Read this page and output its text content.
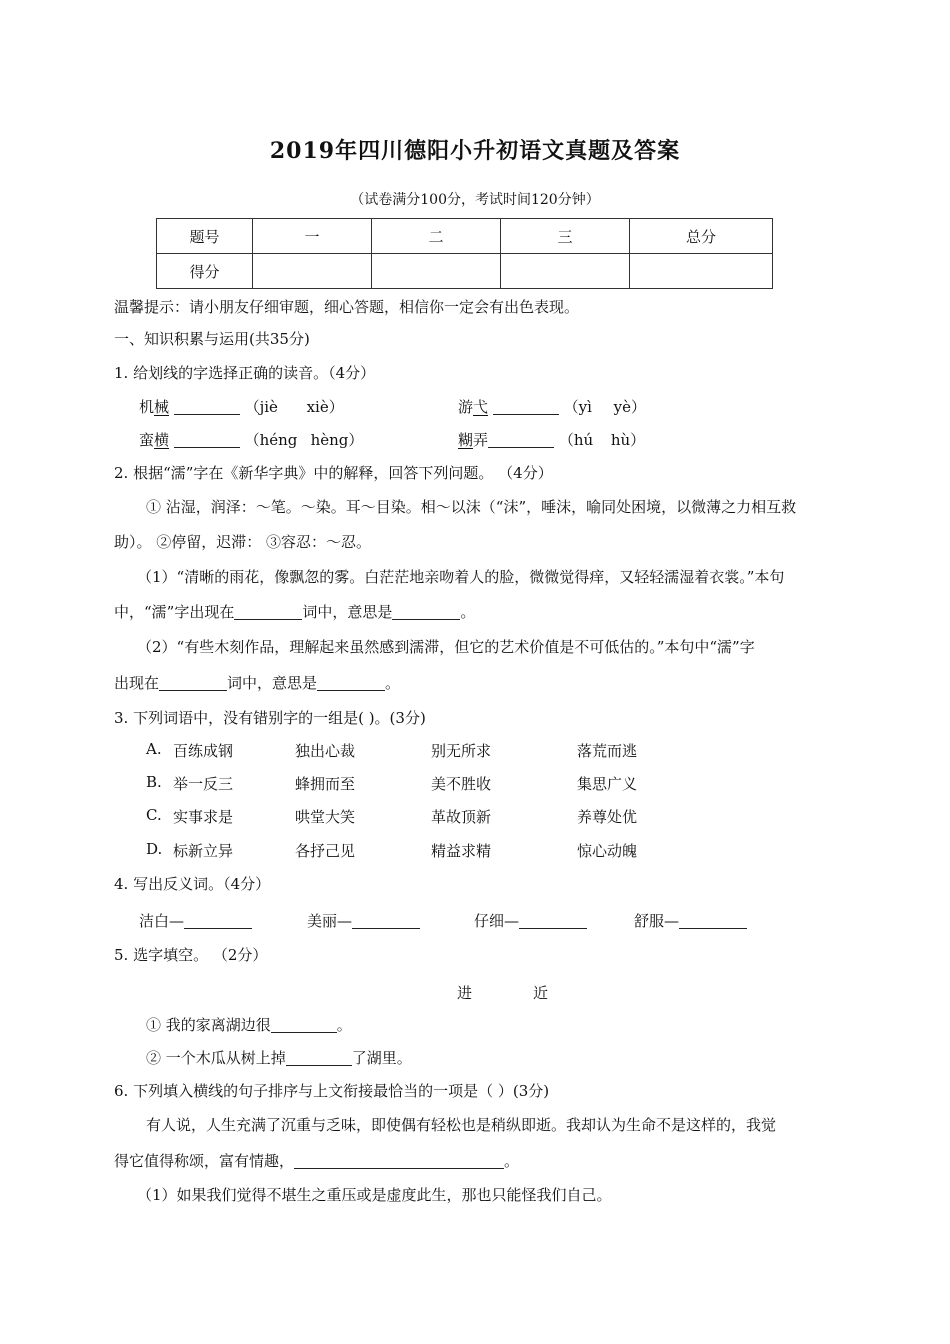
2019年四川德阳小升初语文真题及答案
（试卷满分100分，考试时间120分钟）
题号	一	二	三	总分
得分				
温馨提示：请小朋友仔细审题，细心答题，相信你一定会有出色表现。
一、知识积累与运用(共35分)
1. 给划线的字选择正确的读音。（4分）
机械	（jiè xiè）	游弋	（yì yè）
蛮横	（héng hèng）	糊弄	（hú hù）
2. 根据“濡”字在《新华字典》中的解释，回答下列问题。 （4分）
① 沾湿，润泽：～笔。～染。耳～目染。相～以沫（“沫”，唾沫，喻同处困境，以微薄之力相互救
助）。 ②停留，迟滞： ③容忍：～忍。
（1）“清晰的雨花，像飘忽的雾。白茫茫地亲吻着人的脸，微微觉得痒，又轻轻濡湿着衣裳。”本句
中，“濡”字出现在	词中，意思是	。
（2）“有些木刻作品，理解起来虽然感到濡滞，但它的艺术价值是不可低估的。”本句中“濡”字
出现在	词中，意思是	。
3. 下列词语中，没有错别字的一组是( )。(3分)
A. 百练成钢	独出心裁	别无所求	落荒而逃
B. 举一反三	蜂拥而至	美不胜收	集思广义
C. 实事求是	哄堂大笑	革故顶新	养尊处优
D. 标新立异	各抒己见	精益求精	惊心动魄
4. 写出反义词。（4分）
洁白—	美丽—	仔细—	舒服—
5. 选字填空。 （2分）
进	近
① 我的家离湖边很	。
② 一个木瓜从树上掉	了湖里。
6. 下列填入横线的句子排序与上文衔接最恰当的一项是（ ）(3分)
有人说，人生充满了沉重与乏味，即使偶有轻松也是稍纵即逝。我却认为生命不是这样的，我觉
得它值得称颂，富有情趣，	。
（1）如果我们觉得不堪生之重压或是虚度此生，那也只能怪我们自己。
